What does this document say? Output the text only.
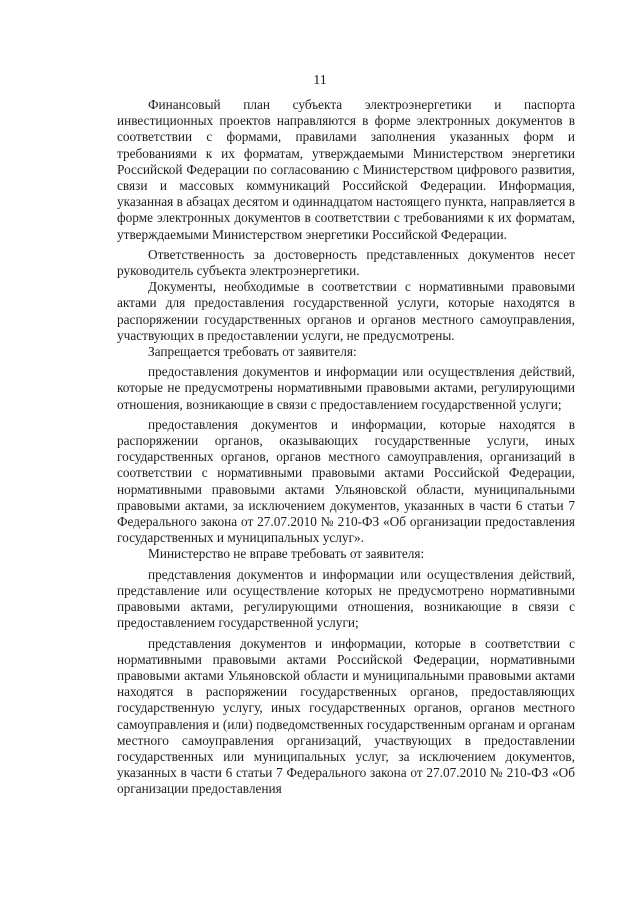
11

Финансовый план субъекта электроэнергетики и паспорта инвестиционных проектов направляются в форме электронных документов в соответствии с формами, правилами заполнения указанных форм и требованиями к их форматам, утверждаемыми Министерством энергетики Российской Федерации по согласованию с Министерством цифрового развития, связи и массовых коммуникаций Российской Федерации. Информация, указанная в абзацах десятом и одиннадцатом настоящего пункта, направляется в форме электронных документов в соответствии с требованиями к их форматам, утверждаемыми Министерством энергетики Российской Федерации.

Ответственность за достоверность представленных документов несет руководитель субъекта электроэнергетики.

Документы, необходимые в соответствии с нормативными правовыми актами для предоставления государственной услуги, которые находятся в распоряжении государственных органов и органов местного самоуправления, участвующих в предоставлении услуги, не предусмотрены.

Запрещается требовать от заявителя:

предоставления документов и информации или осуществления действий, которые не предусмотрены нормативными правовыми актами, регулирующими отношения, возникающие в связи с предоставлением государственной услуги;

предоставления документов и информации, которые находятся в распоряжении органов, оказывающих государственные услуги, иных государственных органов, органов местного самоуправления, организаций в соответствии с нормативными правовыми актами Российской Федерации, нормативными правовыми актами Ульяновской области, муниципальными правовыми актами, за исключением документов, указанных в части 6 статьи 7 Федерального закона от 27.07.2010 № 210-ФЗ «Об организации предоставления государственных и муниципальных услуг».

Министерство не вправе требовать от заявителя:

представления документов и информации или осуществления действий, представление или осуществление которых не предусмотрено нормативными правовыми актами, регулирующими отношения, возникающие в связи с предоставлением государственной услуги;

представления документов и информации, которые в соответствии с нормативными правовыми актами Российской Федерации, нормативными правовыми актами Ульяновской области и муниципальными правовыми актами находятся в распоряжении государственных органов, предоставляющих государственную услугу, иных государственных органов, органов местного самоуправления и (или) подведомственных государственным органам и органам местного самоуправления организаций, участвующих в предоставлении государственных или муниципальных услуг, за исключением документов, указанных в части 6 статьи 7 Федерального закона от 27.07.2010 № 210-ФЗ «Об организации предоставления
